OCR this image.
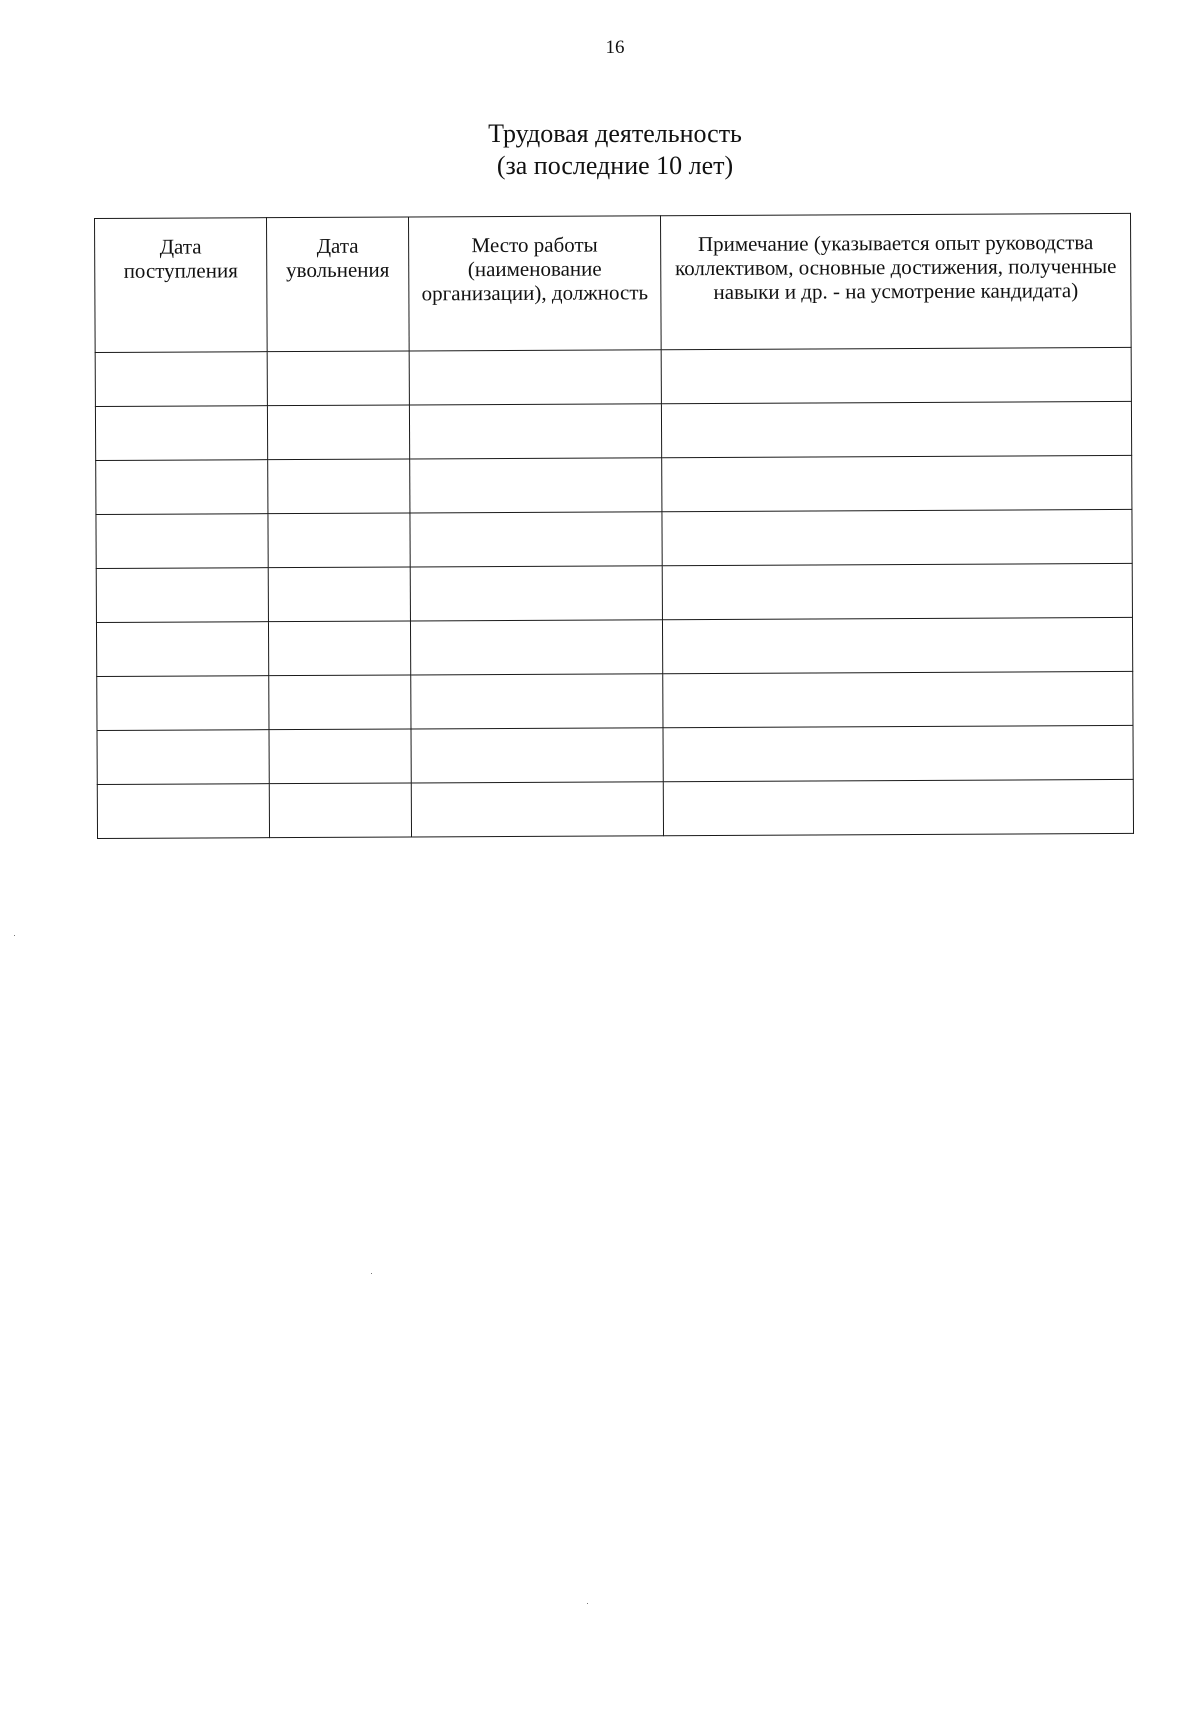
16
Трудовая деятельность
(за последние 10 лет)
Дата поступления	Дата увольнения	Место работы (наименование организации), должность	Примечание (указывается опыт руководства коллективом, основные достижения, полученные навыки и др. - на усмотрение кандидата)
